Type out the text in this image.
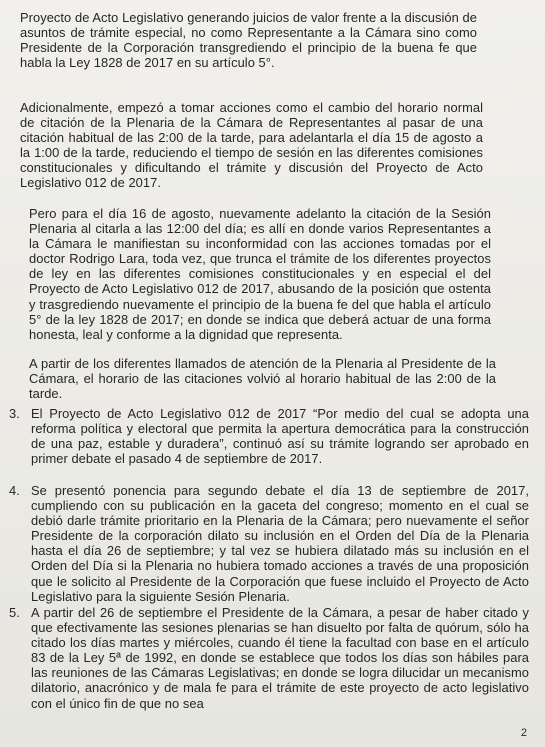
Proyecto de Acto Legislativo generando juicios de valor frente a la discusión de asuntos de trámite especial, no como Representante a la Cámara sino como Presidente de la Corporación transgrediendo el principio de la buena fe que habla la Ley 1828 de 2017 en su artículo 5°.

Adicionalmente, empezó a tomar acciones como el cambio del horario normal de citación de la Plenaria de la Cámara de Representantes al pasar de una citación habitual de las 2:00 de la tarde, para adelantarla el día 15 de agosto a la 1:00 de la tarde, reduciendo el tiempo de sesión en las diferentes comisiones constitucionales y dificultando el trámite y discusión del Proyecto de Acto Legislativo 012 de 2017.

Pero para el día 16 de agosto, nuevamente adelanto la citación de la Sesión Plenaria al citarla a las 12:00 del día; es allí en donde varios Representantes a la Cámara le manifiestan su inconformidad con las acciones tomadas por el doctor Rodrigo Lara, toda vez, que trunca el trámite de los diferentes proyectos de ley en las diferentes comisiones constitucionales y en especial el del Proyecto de Acto Legislativo 012 de 2017, abusando de la posición que ostenta y trasgrediendo nuevamente el principio de la buena fe del que habla el artículo 5° de la ley 1828 de 2017; en donde se indica que deberá actuar de una forma honesta, leal y conforme a la dignidad que representa.

A partir de los diferentes llamados de atención de la Plenaria al Presidente de la Cámara, el horario de las citaciones volvió al horario habitual de las 2:00 de la tarde.

3. El Proyecto de Acto Legislativo 012 de 2017 “Por medio del cual se adopta una reforma política y electoral que permita la apertura democrática para la construcción de una paz, estable y duradera”, continuó así su trámite logrando ser aprobado en primer debate el pasado 4 de septiembre de 2017.
4. Se presentó ponencia para segundo debate el día 13 de septiembre de 2017, cumpliendo con su publicación en la gaceta del congreso; momento en el cual se debió darle trámite prioritario en la Plenaria de la Cámara; pero nuevamente el señor Presidente de la corporación dilato su inclusión en el Orden del Día de la Plenaria hasta el día 26 de septiembre; y tal vez se hubiera dilatado más su inclusión en el Orden del Día si la Plenaria no hubiera tomado acciones a través de una proposición que le solicito al Presidente de la Corporación que fuese incluido el Proyecto de Acto Legislativo para la siguiente Sesión Plenaria.
5. A partir del 26 de septiembre el Presidente de la Cámara, a pesar de haber citado y que efectivamente las sesiones plenarias se han disuelto por falta de quórum, sólo ha citado los días martes y miércoles, cuando él tiene la facultad con base en el artículo 83 de la Ley 5ª de 1992, en donde se establece que todos los días son hábiles para las reuniones de las Cámaras Legislativas; en donde se logra dilucidar un mecanismo dilatorio, anacrónico y de mala fe para el trámite de este proyecto de acto legislativo con el único fin de que no sea
2
